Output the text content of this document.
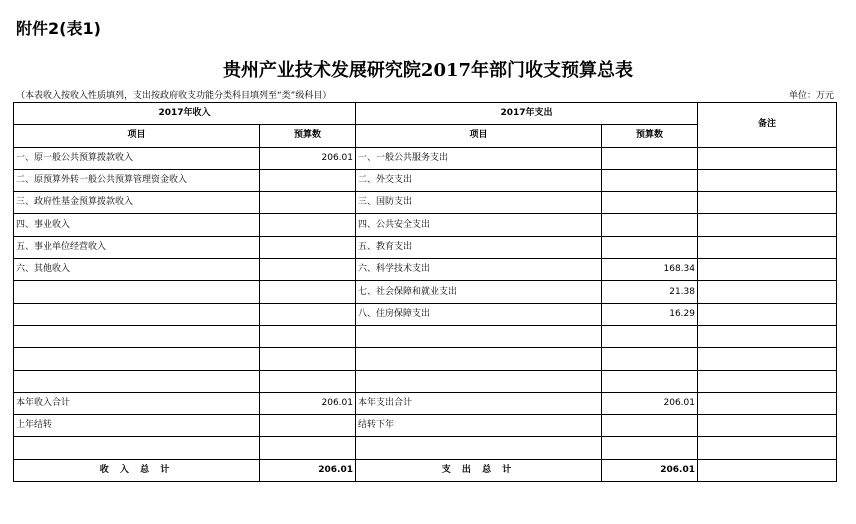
附件2(表1)
贵州产业技术发展研究院2017年部门收支预算总表
（本表收入按收入性质填列，支出按政府收支功能分类科目填列至“类”级科目）	单位：万元
2017年收入		2017年支出		备注
项目	预算数	项目	预算数	
一、原一般公共预算拨款收入	206.01	一、一般公共服务支出		
二、原预算外转一般公共预算管理资金收入		二、外交支出		
三、政府性基金预算拨款收入		三、国防支出		
四、事业收入		四、公共安全支出		
五、事业单位经营收入		五、教育支出		
六、其他收入		六、科学技术支出	168.34	
		七、社会保障和就业支出	21.38	
		八、住房保障支出	16.29	

本年收入合计	206.01	本年支出合计	206.01	
上年结转		结转下年		

收 入 总 计	206.01	支 出 总 计	206.01	
